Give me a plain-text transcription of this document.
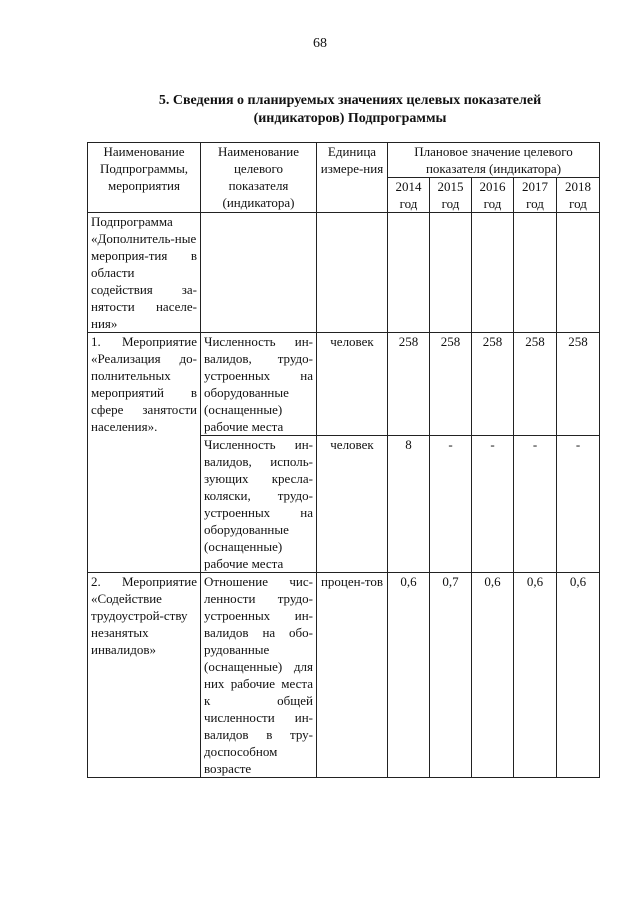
68
5. Сведения о планируемых значениях целевых показателей
(индикаторов) Подпрограммы
Наименование Подпрограммы, мероприятия	Наименование целевого показателя (индикатора)	Единица измере-ния	Плановое значение целевого показателя (индикатора)				
			2014 год	2015 год	2016 год	2017 год	2018 год
Подпрограмма «Дополнитель-ные мероприя-тия в области содействия за-нятости населе-ния»							
1. Мероприятие «Реализация до-полнительных мероприятий в сфере занятости населения».	Численность ин-валидов, трудо-устроенных на оборудованные (оснащенные) рабочие места	человек	258	258	258	258	258
	Численность ин-валидов, исполь-зующих кресла-коляски, трудо-устроенных на оборудованные (оснащенные) рабочие места	человек	8	-	-	-	-
2. Мероприятие «Содействие трудоустрой-ству незанятых инвалидов»	Отношение чис-ленности трудо-устроенных ин-валидов на обо-рудованные (оснащенные) для них рабочие места к общей численности ин-валидов в тру-доспособном возрасте	процен-тов	0,6	0,7	0,6	0,6	0,6
